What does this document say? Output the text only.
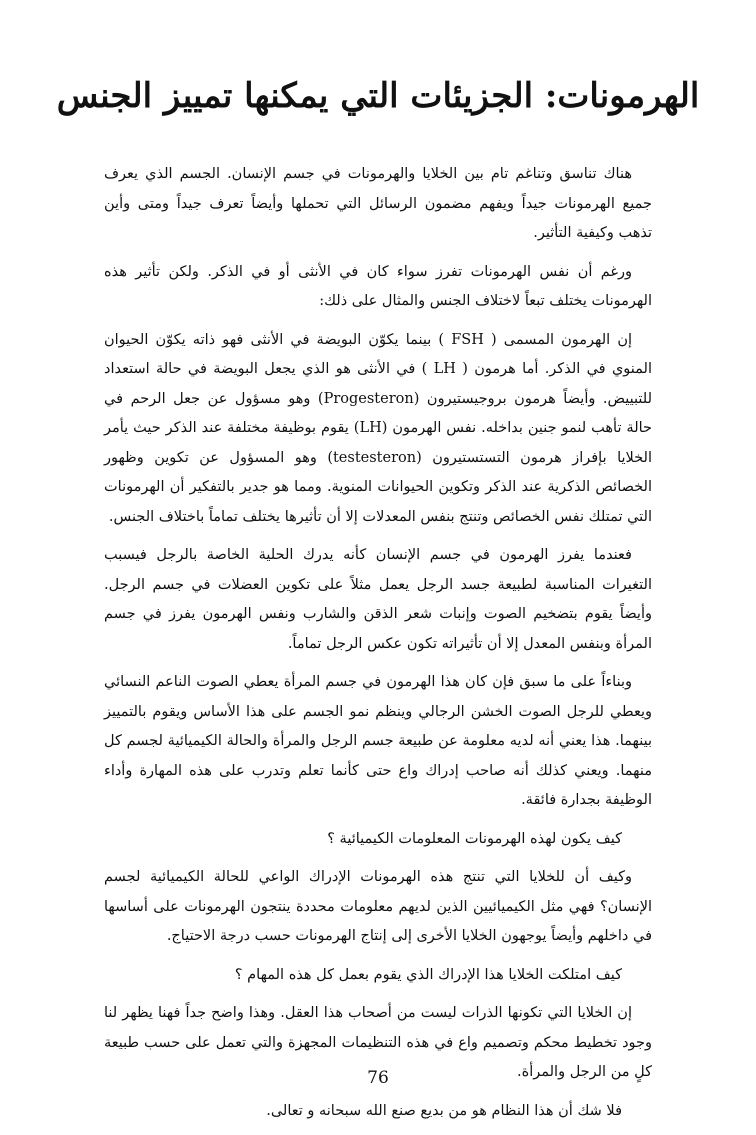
الهرمونات: الجزيئات التي يمكنها تمييز الجنس

هناك تناسق وتناغم تام بين الخلايا والهرمونات في جسم الإنسان. الجسم الذي يعرف جميع الهرمونات جيداً ويفهم مضمون الرسائل التي تحملها وأيضاً تعرف جيداً ومتى وأين تذهب وكيفية التأثير.

ورغم أن نفس الهرمونات تفرز سواء كان في الأنثى أو في الذكر. ولكن تأثير هذه الهرمونات يختلف تبعاً لاختلاف الجنس والمثال على ذلك:

إن الهرمون المسمى ( FSH ) بينما يكوّن البويضة في الأنثى فهو ذاته يكوّن الحيوان المنوي في الذكر. أما هرمون ( LH ) في الأنثى هو الذي يجعل البويضة في حالة استعداد للتبييض. وأيضاً هرمون بروجيستيرون (Progesteron) وهو مسؤول عن جعل الرحم في حالة تأهب لنمو جنين بداخله. نفس الهرمون (LH) يقوم بوظيفة مختلفة عند الذكر حيث يأمر الخلايا بإفراز هرمون التستستيرون (testesteron) وهو المسؤول عن تكوين وظهور الخصائص الذكرية عند الذكر وتكوين الحيوانات المنوية. ومما هو جدير بالتفكير أن الهرمونات التي تمتلك نفس الخصائص وتنتج بنفس المعدلات إلا أن تأثيرها يختلف تماماً باختلاف الجنس.

فعندما يفرز الهرمون في جسم الإنسان كأنه يدرك الحلية الخاصة بالرجل فيسبب التغيرات المناسبة لطبيعة جسد الرجل يعمل مثلاً على تكوين العضلات في جسم الرجل. وأيضاً يقوم بتضخيم الصوت وإنبات شعر الذقن والشارب ونفس الهرمون يفرز في جسم المرأة وبنفس المعدل إلا أن تأثيراته تكون عكس الرجل تماماً.

وبناءاً على ما سبق فإن كان هذا الهرمون في جسم المرأة يعطي الصوت الناعم النسائي ويعطي للرجل الصوت الخشن الرجالي وينظم نمو الجسم على هذا الأساس ويقوم بالتمييز بينهما. هذا يعني أنه لديه معلومة عن طبيعة جسم الرجل والمرأة والحالة الكيميائية لجسم كل منهما. ويعني كذلك أنه صاحب إدراك واع حتى كأنما تعلم وتدرب على هذه المهارة وأداء الوظيفة بجدارة فائقة.

كيف يكون لهذه الهرمونات المعلومات الكيميائية ؟

وكيف أن للخلايا التي تنتج هذه الهرمونات الإدراك الواعي للحالة الكيميائية لجسم الإنسان؟ فهي مثل الكيميائيين الذين لديهم معلومات محددة ينتجون الهرمونات على أساسها في داخلهم وأيضاً يوجهون الخلايا الأخرى إلى إنتاج الهرمونات حسب درجة الاحتياج.

كيف امتلكت الخلايا هذا الإدراك الذي يقوم بعمل كل هذه المهام ؟

إن الخلايا التي تكونها الذرات ليست من أصحاب هذا العقل. وهذا واضح جداً فهنا يظهر لنا وجود تخطيط محكم وتصميم واع في هذه التنظيمات المجهزة والتي تعمل على حسب طبيعة كلٍ من الرجل والمرأة.

فلا شك أن هذا النظام هو من بديع صنع الله سبحانه و تعالى.

76
